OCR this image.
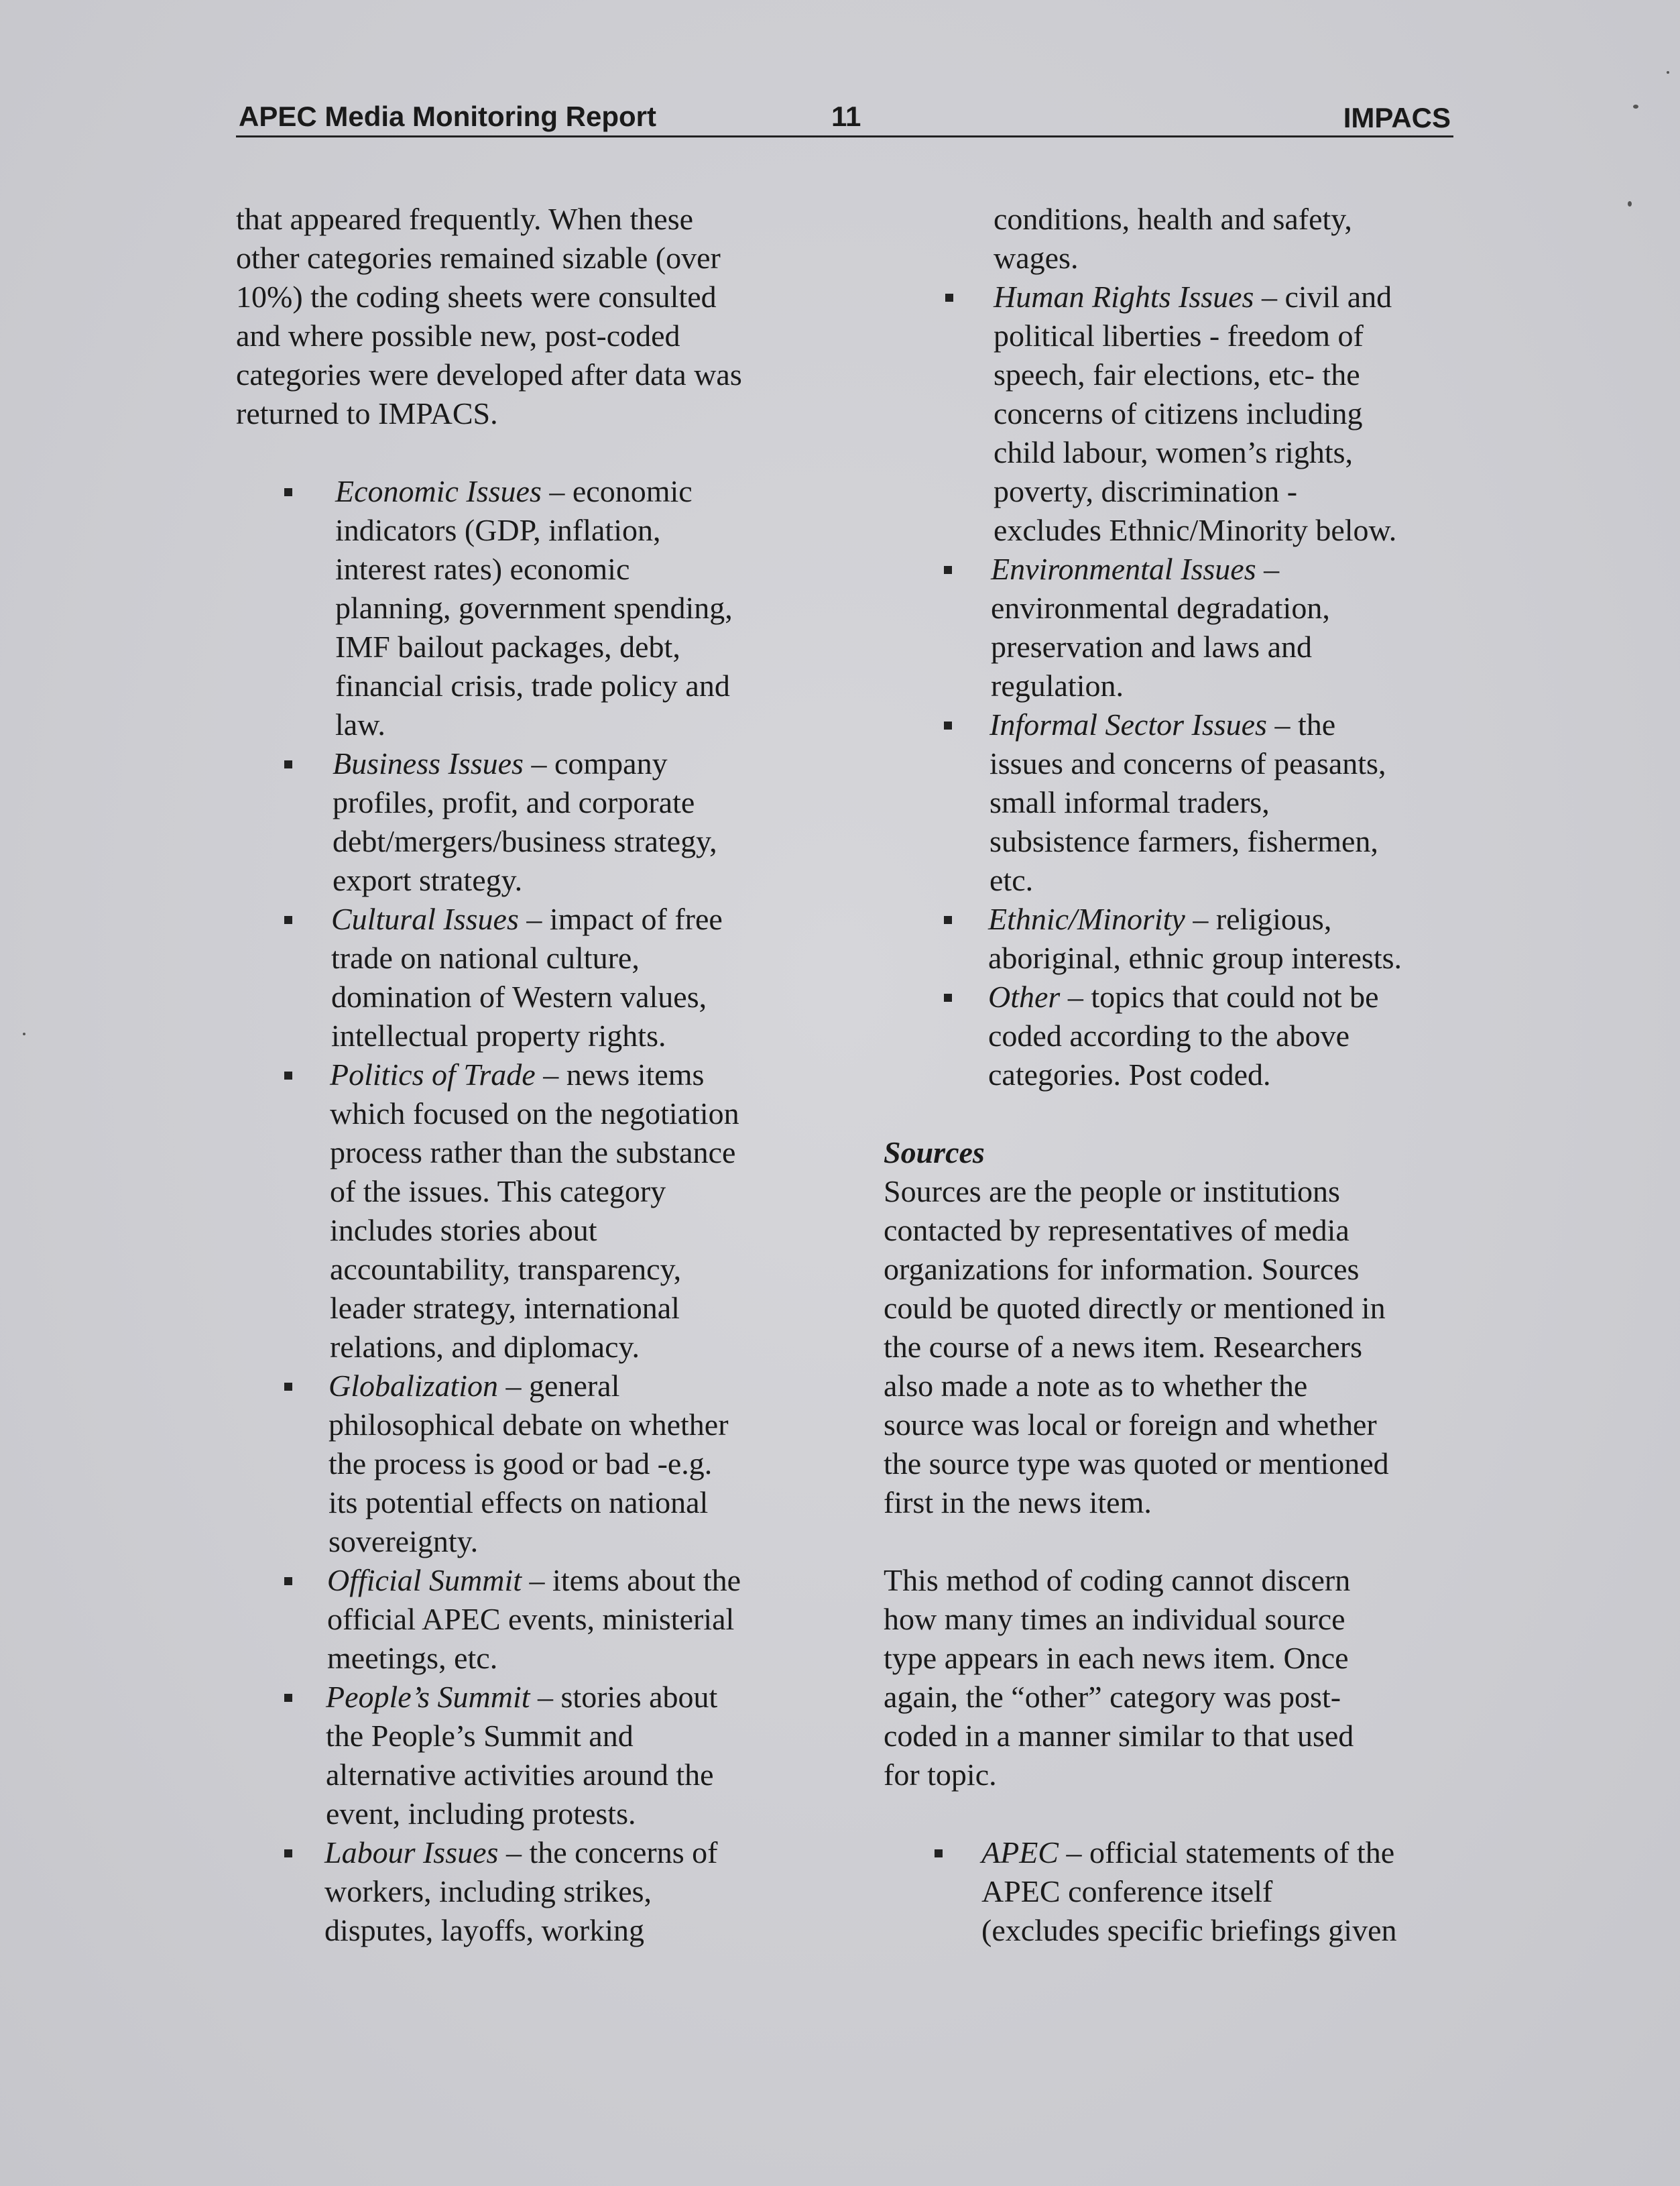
APEC Media Monitoring Report	11	IMPACS

that appeared frequently. When these
other categories remained sizable (over
10%) the coding sheets were consulted
and where possible new, post-coded
categories were developed after data was
returned to IMPACS.

Economic Issues – economic
indicators (GDP, inflation,
interest rates) economic
planning, government spending,
IMF bailout packages, debt,
financial crisis, trade policy and
law.
Business Issues – company
profiles, profit, and corporate
debt/mergers/business strategy,
export strategy.
Cultural Issues – impact of free
trade on national culture,
domination of Western values,
intellectual property rights.
Politics of Trade – news items
which focused on the negotiation
process rather than the substance
of the issues. This category
includes stories about
accountability, transparency,
leader strategy, international
relations, and diplomacy.
Globalization – general
philosophical debate on whether
the process is good or bad -e.g.
its potential effects on national
sovereignty.
Official Summit – items about the
official APEC events, ministerial
meetings, etc.
People’s Summit – stories about
the People’s Summit and
alternative activities around the
event, including protests.
Labour Issues – the concerns of
workers, including strikes,
disputes, layoffs, working
conditions, health and safety,
wages.
Human Rights Issues – civil and
political liberties - freedom of
speech, fair elections, etc- the
concerns of citizens including
child labour, women’s rights,
poverty, discrimination -
excludes Ethnic/Minority below.
Environmental Issues –
environmental degradation,
preservation and laws and
regulation.
Informal Sector Issues – the
issues and concerns of peasants,
small informal traders,
subsistence farmers, fishermen,
etc.
Ethnic/Minority – religious,
aboriginal, ethnic group interests.
Other – topics that could not be
coded according to the above
categories. Post coded.
Sources

Sources are the people or institutions
contacted by representatives of media
organizations for information. Sources
could be quoted directly or mentioned in
the course of a news item. Researchers
also made a note as to whether the
source was local or foreign and whether
the source type was quoted or mentioned
first in the news item.

This method of coding cannot discern
how many times an individual source
type appears in each news item. Once
again, the “other” category was post-
coded in a manner similar to that used
for topic.

APEC – official statements of the
APEC conference itself
(excludes specific briefings given
